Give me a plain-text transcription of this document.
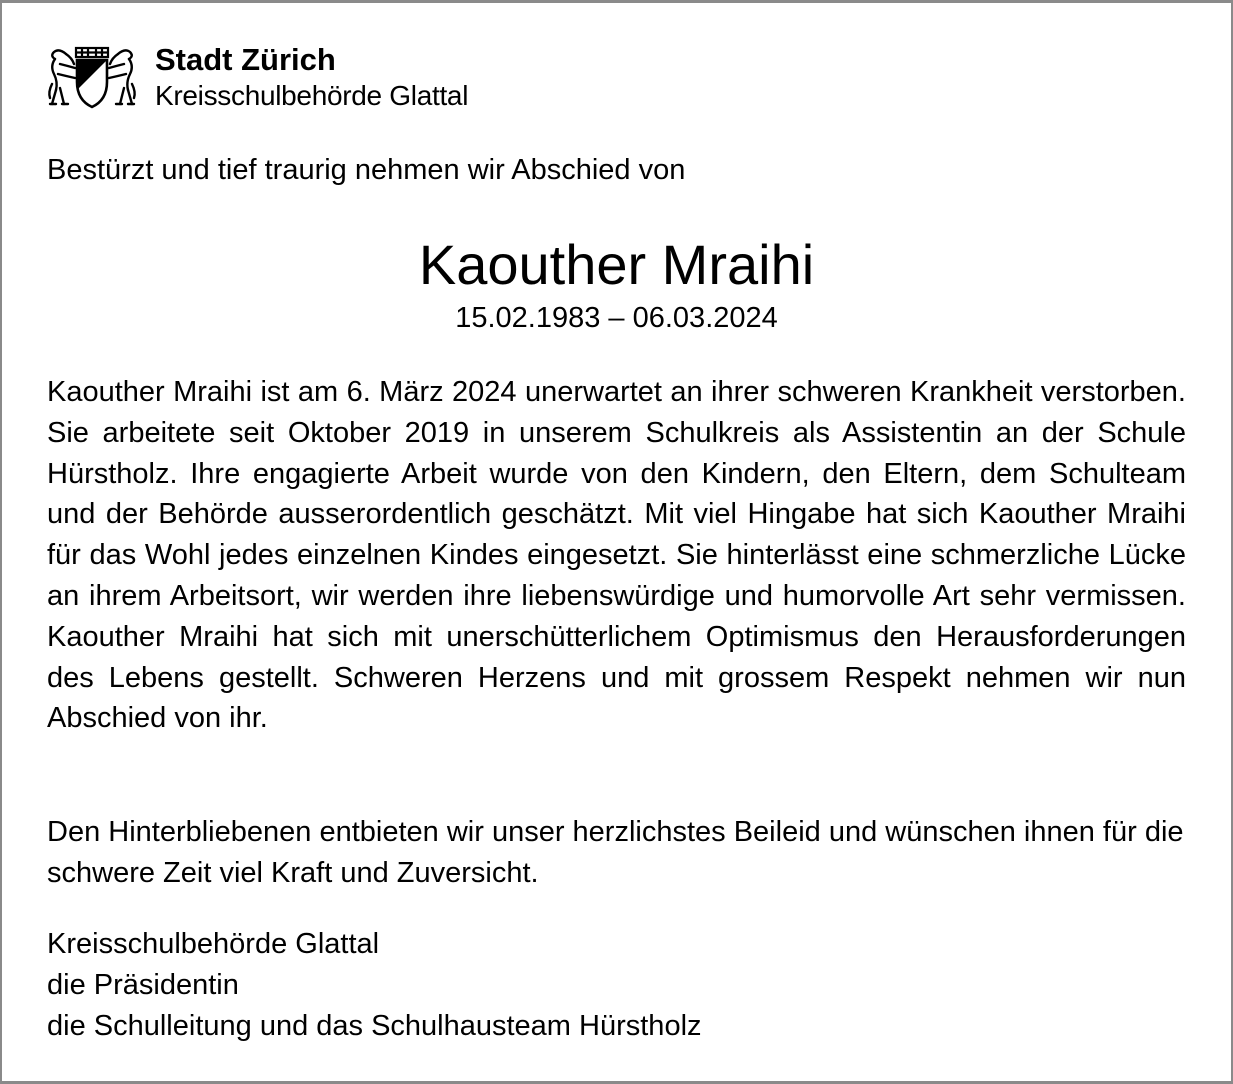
Stadt Zürich
Kreisschulbehörde Glattal
Bestürzt und tief traurig nehmen wir Abschied von
Kaouther Mraihi
15.02.1983 – 06.03.2024

Kaouther Mraihi ist am 6. März 2024 unerwartet an ihrer schweren Krankheit verstorben. Sie arbeitete seit Oktober 2019 in unserem Schulkreis als Assistentin an der Schule Hürstholz. Ihre engagierte Arbeit wurde von den Kindern, den Eltern, dem Schulteam und der Behörde ausserordentlich geschätzt. Mit viel Hingabe hat sich Kaouther Mraihi für das Wohl jedes einzelnen Kindes eingesetzt. Sie hinterlässt eine schmerzliche Lücke an ihrem Arbeitsort, wir werden ihre liebenswürdige und humorvolle Art sehr vermissen. Kaouther Mraihi hat sich mit unerschütterlichem Optimismus den Herausforderungen des Lebens gestellt. Schweren Herzens und mit grossem Respekt nehmen wir nun Abschied von ihr.

Den Hinterbliebenen entbieten wir unser herzlichstes Beileid und wünschen ihnen für die schwere Zeit viel Kraft und Zuversicht.

Kreisschulbehörde Glattal
die Präsidentin
die Schulleitung und das Schulhausteam Hürstholz
